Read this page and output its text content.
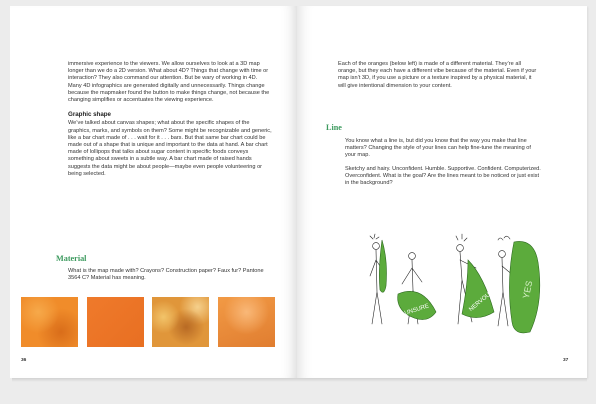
immersive experience to the viewers. We allow ourselves to look at a 3D map longer than we do a 2D version. What about 4D? Things that change with time or interaction? They also command our attention. But be wary of working in 4D. Many 4D infographics are generated digitally and unnecessarily. Things change because the mapmaker found the button to make things change, not because the changing simplifies or accentuates the viewing experience.

Graphic shape

We’ve talked about canvas shapes; what about the specific shapes of the graphics, marks, and symbols on them? Some might be recognizable and generic, like a bar chart made of . . . wait for it . . . bars. But that same bar chart could be made out of a shape that is unique and important to the data at hand. A bar chart made of lollipops that talks about sugar content in specific foods conveys something about sweets in a subtle way. A bar chart made of raised hands suggests the data might be about people—maybe even people volunteering or being selected.

Material

What is the map made with? Crayons? Construction paper? Faux fur? Pantone 3564 C? Material has meaning.

36

Each of the oranges (below left) is made of a different material. They’re all orange, but they each have a different vibe because of the material. Even if your map isn’t 3D, if you use a picture or a texture inspired by a physical material, it will give intentional dimension to your content.

Line

You know what a line is, but did you know that the way you make that line matters? Changing the style of your lines can help fine-tune the meaning of your map.

Sketchy and hairy. Unconfident. Humble. Supportive. Confident. Computerized. Overconfident. What is the goal? Are the lines meant to be noticed or just exist in the background?

UNSURE	NERVOUS	YES
37
